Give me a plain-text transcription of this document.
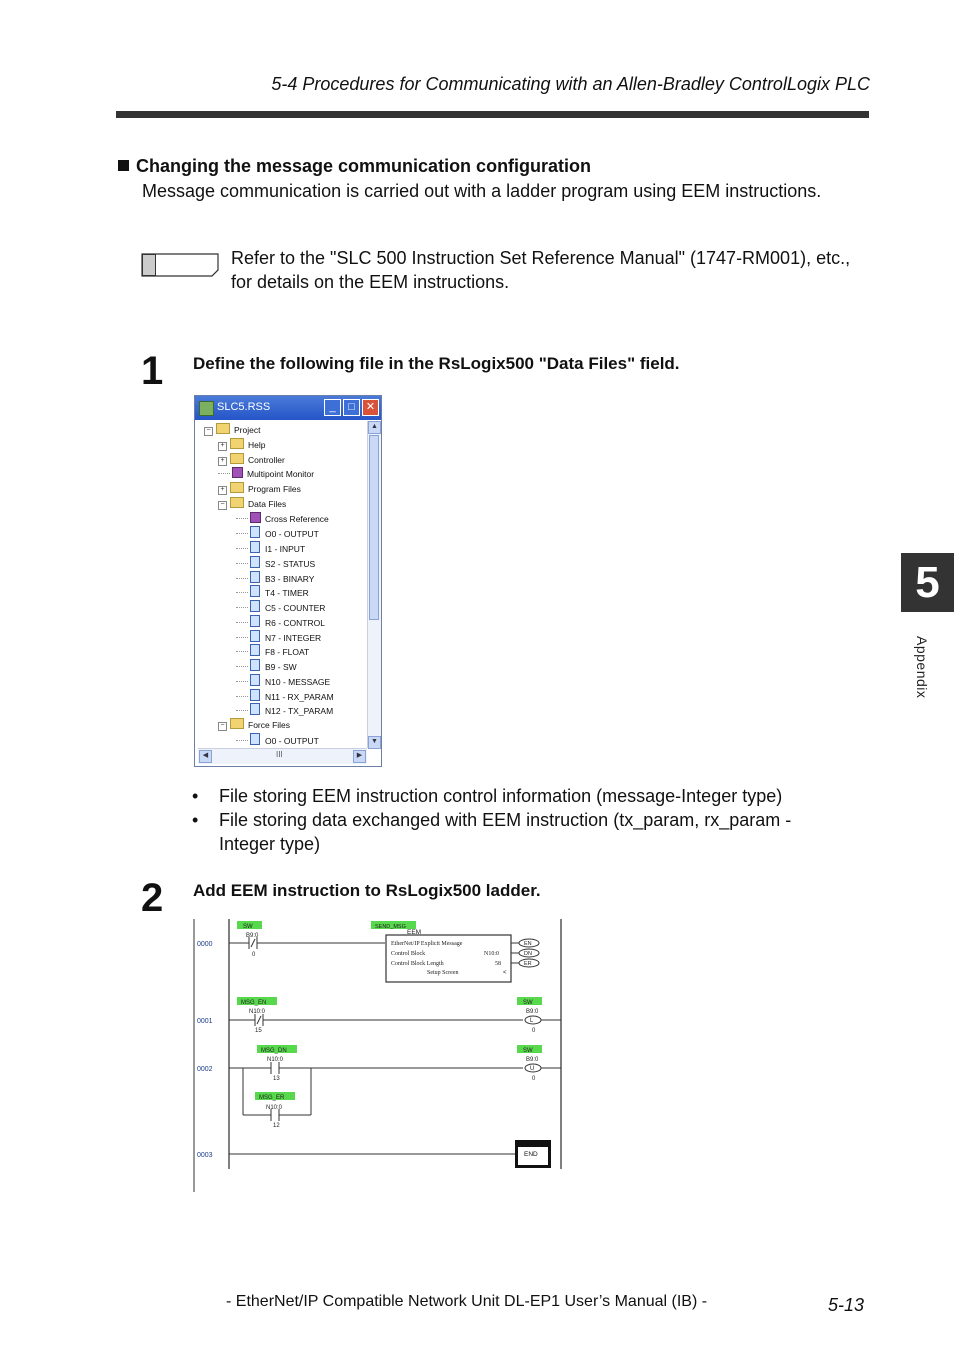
5-4 Procedures for Communicating with an Allen-Bradley ControlLogix PLC
Changing the message communication configuration
Message communication is carried out with a ladder program using EEM instructions.
Refer to the "SLC 500 Instruction Set Reference Manual" (1747-RM001), etc., for details on the EEM instructions.
1 Define the following file in the RsLogix500 "Data Files" field.
SLC5.RSS	_	□	✕
−	Project
+	Help
+	Controller
Multipoint Monitor
+	Program Files
−	Data Files
Cross Reference
O0 - OUTPUT
I1 - INPUT
S2 - STATUS
B3 - BINARY
T4 - TIMER
C5 - COUNTER
R6 - CONTROL
N7 - INTEGER
F8 - FLOAT
B9 - SW
N10 - MESSAGE
N11 - RX_PARAM
N12 - TX_PARAM
−	Force Files
O0 - OUTPUT
▲
▼
◀	III	▶
• File storing EEM instruction control information (message-Integer type)
• File storing data exchanged with EEM instruction (tx_param, rx_param - Integer type)
2 Add EEM instruction to RsLogix500 ladder.
0000
0001
0002
0003
SW
B9:0
0
SEND_MSG
EEM
EtherNet/IP Explicit Message
Control Block	N10:0
Control Block Length	58
Setup Screen	<
EN
DN
ER
MSG_EN
N10:0
15
SW
B9:0
L
0
MSG_DN
N10:0
13
SW
B9:0
U
0
MSG_ER
N10:0
12
END
5
Appendix
- EtherNet/IP Compatible Network Unit DL-EP1 User’s Manual (IB) -	5-13
